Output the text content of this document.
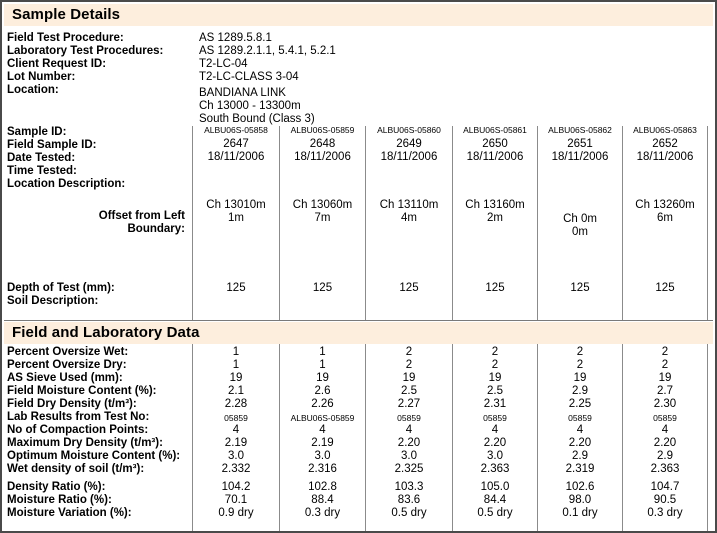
Sample Details
Field Test Procedure:
Laboratory Test Procedures:
Client Request ID:
Lot Number:
Location:
AS 1289.5.8.1
AS 1289.2.1.1, 5.4.1, 5.2.1
T2-LC-04
T2-LC-CLASS 3-04
BANDIANA LINK
Ch 13000 - 13300m
South Bound (Class 3)
Sample ID:
Field Sample ID:
Date Tested:
Time Tested:
Location Description:
Offset from Left
Boundary:
Depth of Test (mm):
Soil Description:
Field and Laboratory Data
Percent Oversize Wet:
Percent Oversize Dry:
AS Sieve Used (mm):
Field Moisture Content (%):
Field Dry Density (t/m³):
Lab Results from Test No:
No of Compaction Points:
Maximum Dry Density (t/m³):
Optimum Moisture Content (%):
Wet density of soil (t/m³):
Density Ratio (%):
Moisture Ratio (%):
Moisture Variation (%):
ALBU06S-05858
2647
18/11/2006
Ch 13010m
1m
125
1
1
19
2.1
2.28
05859
4
2.19
3.0
2.332
104.2
70.1
0.9 dry
ALBU06S-05859
2648
18/11/2006
Ch 13060m
7m
125
1
1
19
2.6
2.26
ALBU06S-05859
4
2.19
3.0
2.316
102.8
88.4
0.3 dry
ALBU06S-05860
2649
18/11/2006
Ch 13110m
4m
125
2
2
19
2.5
2.27
05859
4
2.20
3.0
2.325
103.3
83.6
0.5 dry
ALBU06S-05861
2650
18/11/2006
Ch 13160m
2m
125
2
2
19
2.5
2.31
05859
4
2.20
3.0
2.363
105.0
84.4
0.5 dry
ALBU06S-05862
2651
18/11/2006
Ch 0m
0m
125
2
2
19
2.9
2.25
05859
4
2.20
2.9
2.319
102.6
98.0
0.1 dry
ALBU06S-05863
2652
18/11/2006
Ch 13260m
6m
125
2
2
19
2.7
2.30
05859
4
2.20
2.9
2.363
104.7
90.5
0.3 dry
